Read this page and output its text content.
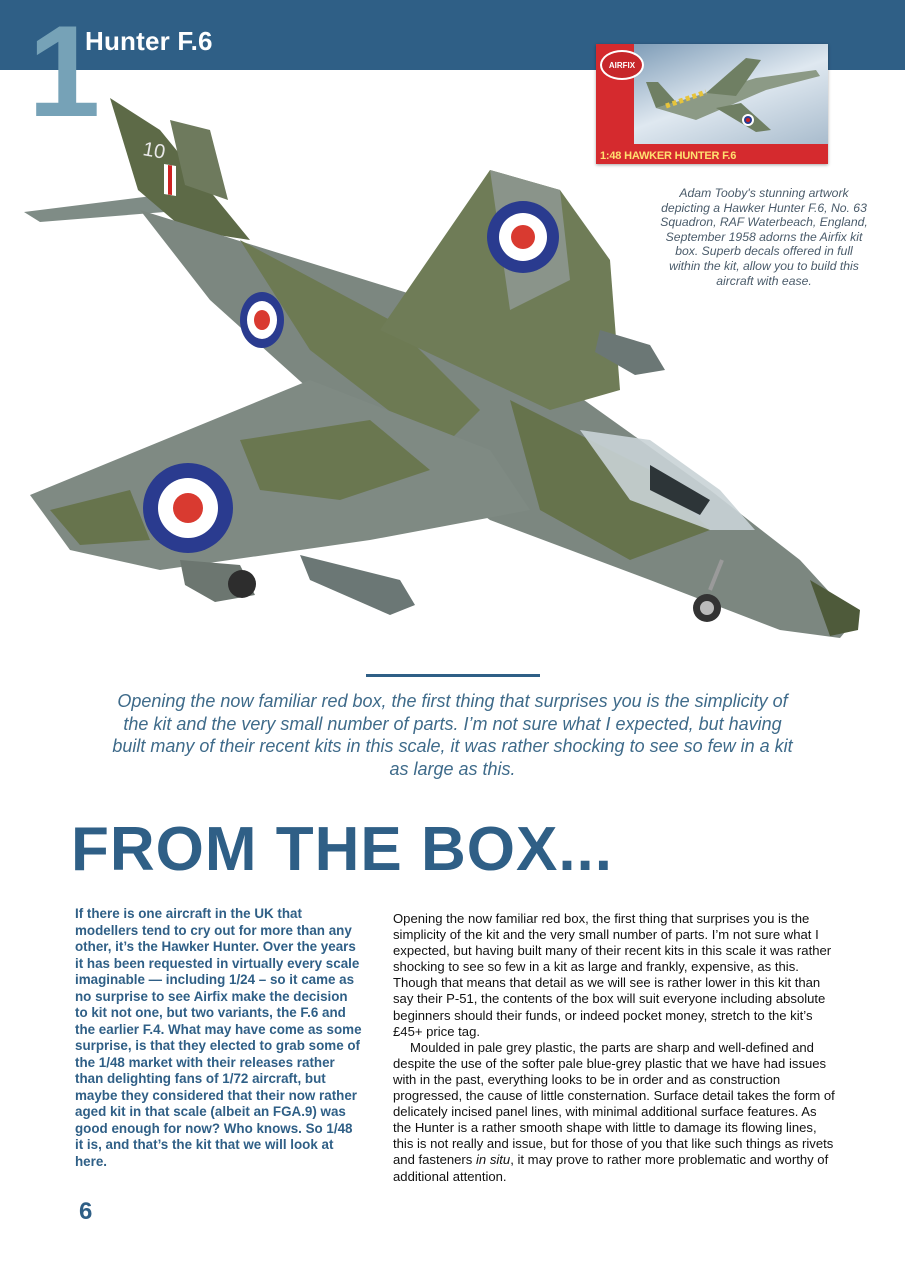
1
Hunter F.6
AIRFIX
1:48 HAWKER HUNTER F.6

Adam Tooby's stunning artwork depicting a Hawker Hunter F.6, No. 63 Squadron, RAF Waterbeach, England, September 1958 adorns the Airfix kit box. Superb decals offered in full within the kit, allow you to build this aircraft with ease.

10

Opening the now familiar red box, the first thing that surprises you is the simplicity of the kit and the very small number of parts. I’m not sure what I expected, but having built many of their recent kits in this scale, it was rather shocking to see so few in a kit as large as this.

FROM THE BOX...

If there is one aircraft in the UK that modellers tend to cry out for more than any other, it’s the Hawker Hunter. Over the years it has been requested in virtually every scale imaginable — including 1/24 – so it came as no surprise to see Airfix make the decision to kit not one, but two variants, the F.6 and the earlier F.4. What may have come as some surprise, is that they elected to grab some of the 1/48 market with their releases rather than delighting fans of 1/72 aircraft, but maybe they considered that their now rather aged kit in that scale (albeit an FGA.9) was good enough for now? Who knows. So 1/48 it is, and that’s the kit that we will look at here.

Opening the now familiar red box, the first thing that surprises you is the simplicity of the kit and the very small number of parts. I’m not sure what I expected, but having built many of their recent kits in this scale it was rather shocking to see so few in a kit as large and frankly, expensive, as this. Though that means that detail as we will see is rather lower in this kit than say their P-51, the contents of the box will suit everyone including absolute beginners should their funds, or indeed pocket money, stretch to the kit’s £45+ price tag.

Moulded in pale grey plastic, the parts are sharp and well-defined and despite the use of the softer pale blue-grey plastic that we have had issues with in the past, everything looks to be in order and as construction progressed, the cause of little consternation. Surface detail takes the form of delicately incised panel lines, with minimal additional surface features. As the Hunter is a rather smooth shape with little to damage its flowing lines, this is not really and issue, but for those of you that like such things as rivets and fasteners in situ, it may prove to rather more problematic and worthy of additional attention.

6
